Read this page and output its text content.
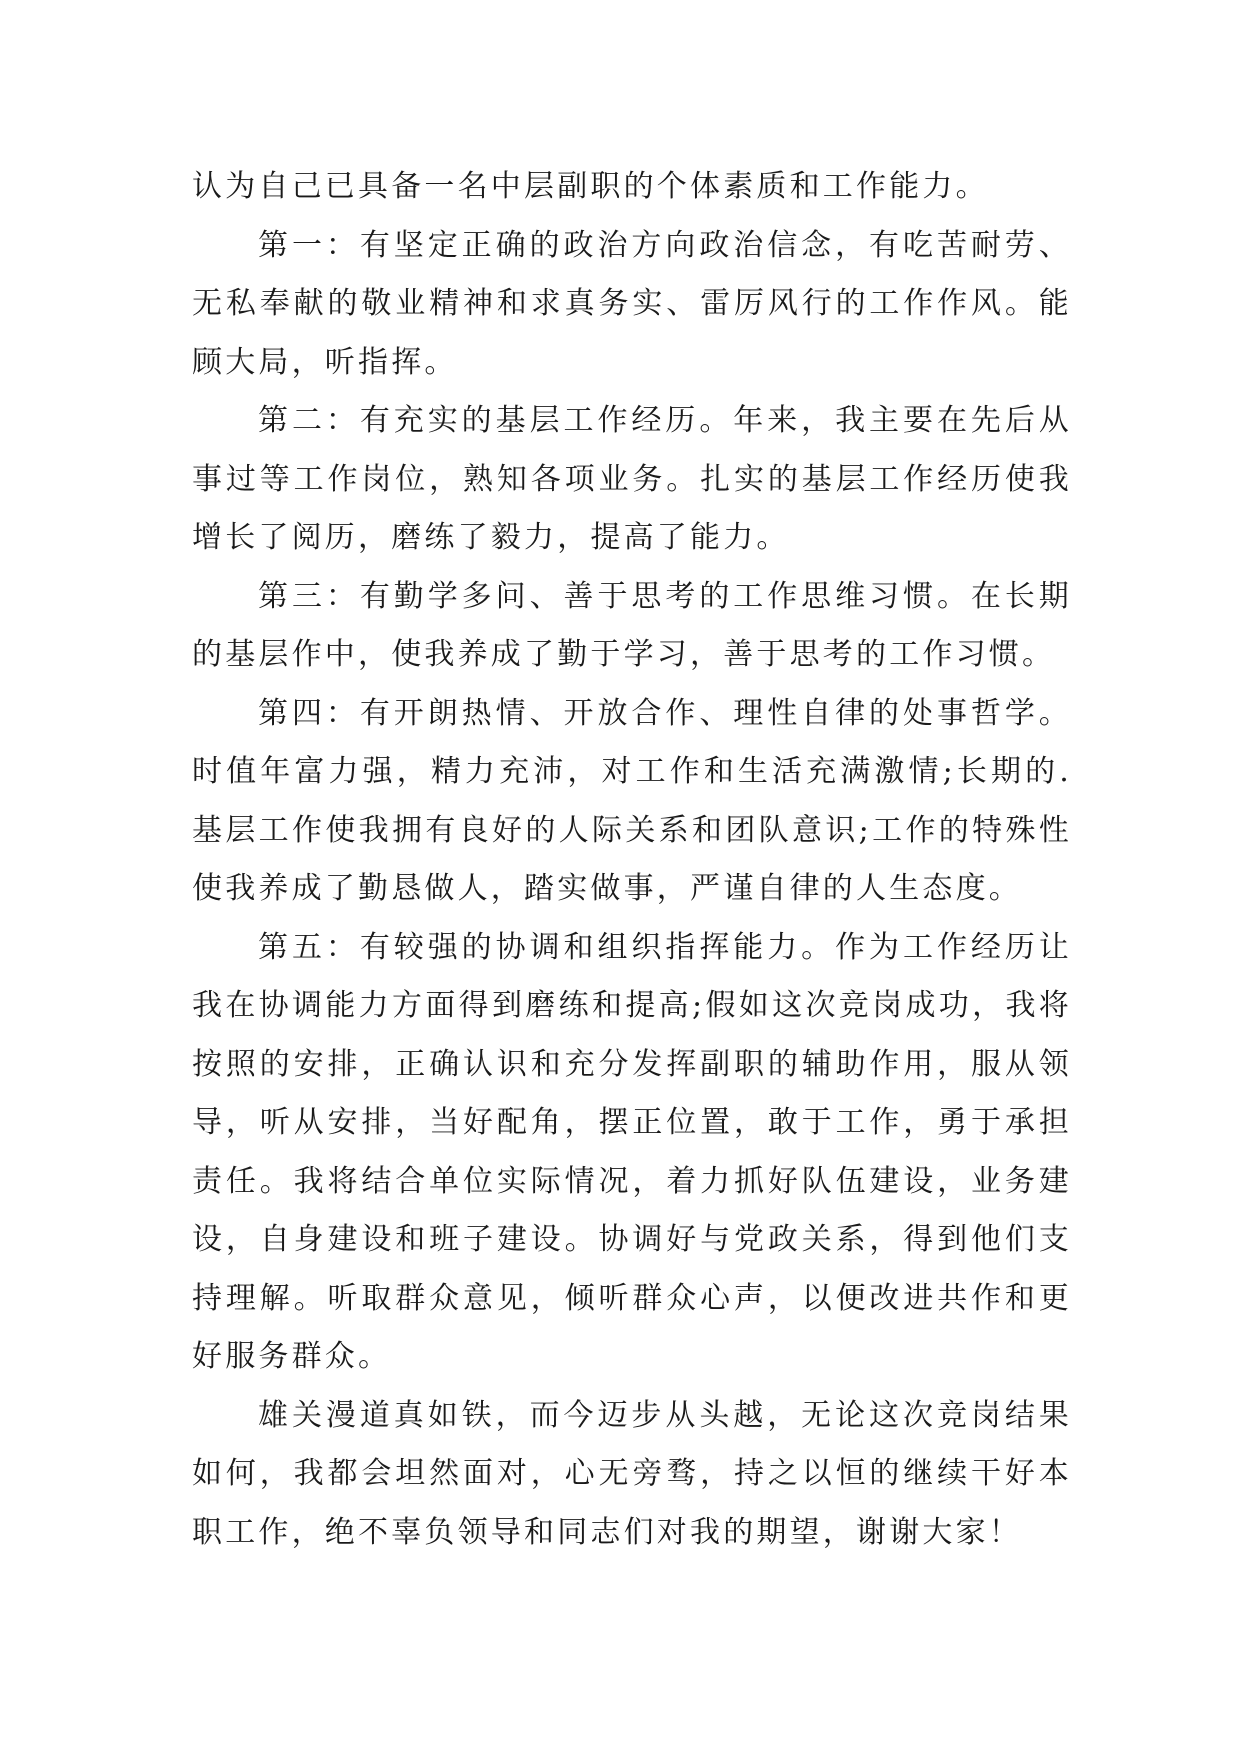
认为自己已具备一名中层副职的个体素质和工作能力。

第一：有坚定正确的政治方向政治信念，有吃苦耐劳、无私奉献的敬业精神和求真务实、雷厉风行的工作作风。能顾大局，听指挥。

第二：有充实的基层工作经历。年来，我主要在先后从事过等工作岗位，熟知各项业务。扎实的基层工作经历使我增长了阅历，磨练了毅力，提高了能力。

第三：有勤学多问、善于思考的工作思维习惯。在长期的基层作中，使我养成了勤于学习，善于思考的工作习惯。

第四：有开朗热情、开放合作、理性自律的处事哲学。时值年富力强，精力充沛，对工作和生活充满激情;长期的.基层工作使我拥有良好的人际关系和团队意识;工作的特殊性使我养成了勤恳做人，踏实做事，严谨自律的人生态度。

第五：有较强的协调和组织指挥能力。作为工作经历让我在协调能力方面得到磨练和提高;假如这次竞岗成功，我将按照的安排，正确认识和充分发挥副职的辅助作用，服从领导，听从安排，当好配角，摆正位置，敢于工作，勇于承担责任。我将结合单位实际情况，着力抓好队伍建设，业务建设，自身建设和班子建设。协调好与党政关系，得到他们支持理解。听取群众意见，倾听群众心声，以便改进共作和更好服务群众。

雄关漫道真如铁，而今迈步从头越，无论这次竞岗结果如何，我都会坦然面对，心无旁骛，持之以恒的继续干好本职工作，绝不辜负领导和同志们对我的期望，谢谢大家！
